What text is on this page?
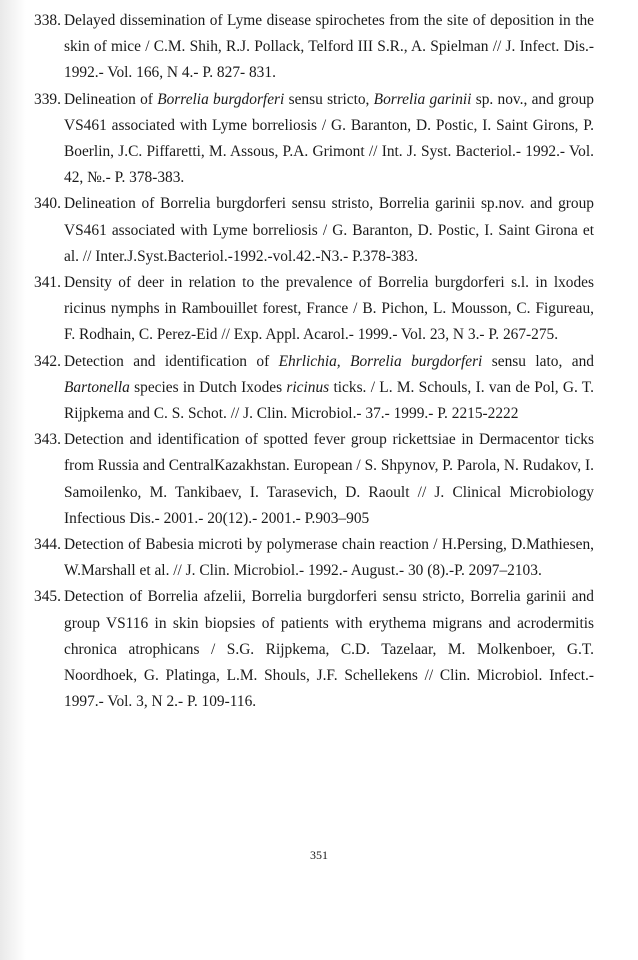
338. Delayed dissemination of Lyme disease spirochetes from the site of deposition in the skin of mice / C.M. Shih, R.J. Pollack, Telford III S.R., A. Spielman // J. Infect. Dis.- 1992.- Vol. 166, N 4.- P. 827- 831.
339. Delineation of Borrelia burgdorferi sensu stricto, Borrelia garinii sp. nov., and group VS461 associated with Lyme borreliosis / G. Baranton, D. Postic, I. Saint Girons, P. Boerlin, J.C. Piffaretti, M. Assous, P.A. Grimont // Int. J. Syst. Bacteriol.- 1992.- Vol. 42, №.- P. 378-383.
340. Delineation of Borrelia burgdorferi sensu stristo, Borrelia garinii sp.nov. and group VS461 associated with Lyme borreliosis / G. Baranton, D. Postic, I. Saint Girona et al. // Inter.J.Syst.Bacteriol.-1992.-vol.42.-N3.- P.378-383.
341. Density of deer in relation to the prevalence of Borrelia burgdorferi s.l. in lxodes ricinus nymphs in Rambouillet forest, France / B. Pichon, L. Mousson, C. Figureau, F. Rodhain, C. Perez-Eid // Exp. Appl. Acarol.- 1999.- Vol. 23, N 3.- P. 267-275.
342. Detection and identification of Ehrlichia, Borrelia burgdorferi sensu lato, and Bartonella species in Dutch Ixodes ricinus ticks. / L. M. Schouls, I. van de Pol, G. T. Rijpkema and C. S. Schot. // J. Clin. Microbiol.- 37.- 1999.- P. 2215-2222
343. Detection and identification of spotted fever group rickettsiae in Dermacentor ticks from Russia and CentralKazakhstan. European / S. Shpynov, P. Parola, N. Rudakov, I. Samoilenko, M. Tankibaev, I. Tarasevich, D. Raoult // J. Clinical Microbiology Infectious Dis.- 2001.- 20(12).- 2001.- P.903–905
344. Detection of Babesia microti by polymerase chain reaction / H.Persing, D.Mathiesen, W.Marshall et al. // J. Clin. Microbiol.- 1992.- August.- 30 (8).-P. 2097–2103.
345. Detection of Borrelia afzelii, Borrelia burgdorferi sensu stricto, Borrelia garinii and group VS116 in skin biopsies of patients with erythema migrans and acrodermitis chronica atrophicans / S.G. Rijpkema, C.D. Tazelaar, M. Molkenboer, G.T. Noordhoek, G. Platinga, L.M. Shouls, J.F. Schellekens // Clin. Microbiol. Infect.- 1997.- Vol. 3, N 2.- P. 109-116.
351
